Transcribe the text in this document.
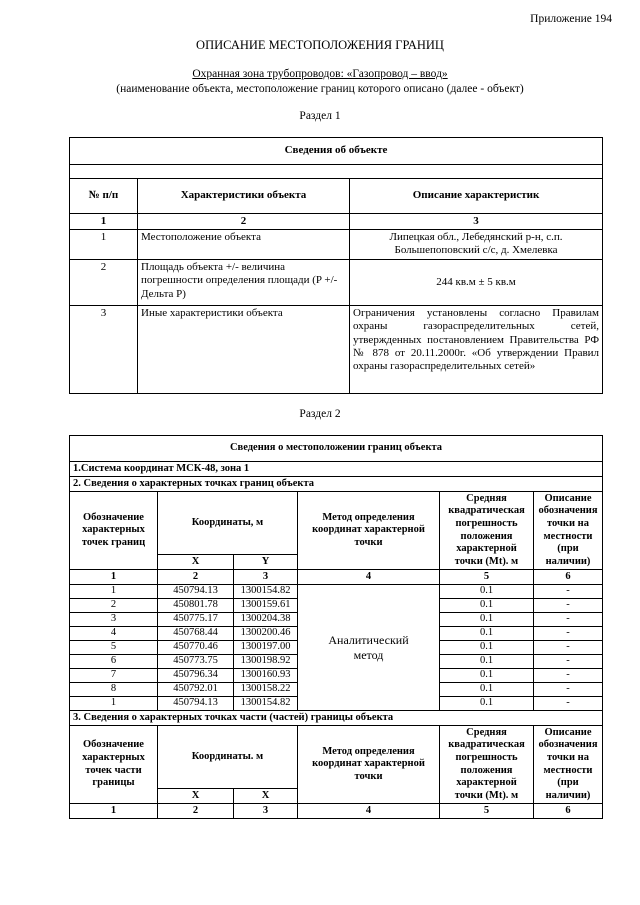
Приложение 194
ОПИСАНИЕ МЕСТОПОЛОЖЕНИЯ ГРАНИЦ
Охранная зона трубопроводов: «Газопровод – ввод»
(наименование объекта, местоположение границ которого описано (далее - объект)
Раздел 1
Сведения об объекте		

№ п/п	Характеристики объекта	Описание характеристик
1	2	3
1	Местоположение объекта	Липецкая обл., Лебедянский р-н, с.п. Большепоповский с/с, д. Хмелевка
2	Площадь объекта +/- величина погрешности определения площади (P +/- Дельта P)	244 кв.м ± 5 кв.м
3	Иные характеристики объекта	Ограничения установлены согласно Правилам охраны газораспределительных сетей, утвержденных постановлением Правительства РФ № 878 от 20.11.2000г. «Об утверждении Правил охраны газораспределительных сетей»
Раздел 2
Сведения о местоположении границ объекта					
1.Система координат МСК-48, зона 1					
2. Сведения о характерных точках границ объекта					
Обозначение характерных точек границ	Координаты, м		Метод определения координат характерной точки	Средняя квадратическая погрешность положения характерной точки (Mt). м	Описание обозначения точки на местности (при наличии)
	X	Y			
1	2	3	4	5	6
1	450794.13	1300154.82	Аналитический метод	0.1	-
2	450801.78	1300159.61		0.1	-
3	450775.17	1300204.38		0.1	-
4	450768.44	1300200.46		0.1	-
5	450770.46	1300197.00		0.1	-
6	450773.75	1300198.92		0.1	-
7	450796.34	1300160.93		0.1	-
8	450792.01	1300158.22		0.1	-
1	450794.13	1300154.82		0.1	-
3. Сведения о характерных точках части (частей) границы объекта					
Обозначение характерных точек части границы	Координаты. м		Метод определения координат характерной точки	Средняя квадратическая погрешность положения характерной точки (Mt). м	Описание обозначения точки на местности (при наличии)
	X	X			
1	2	3	4	5	6
